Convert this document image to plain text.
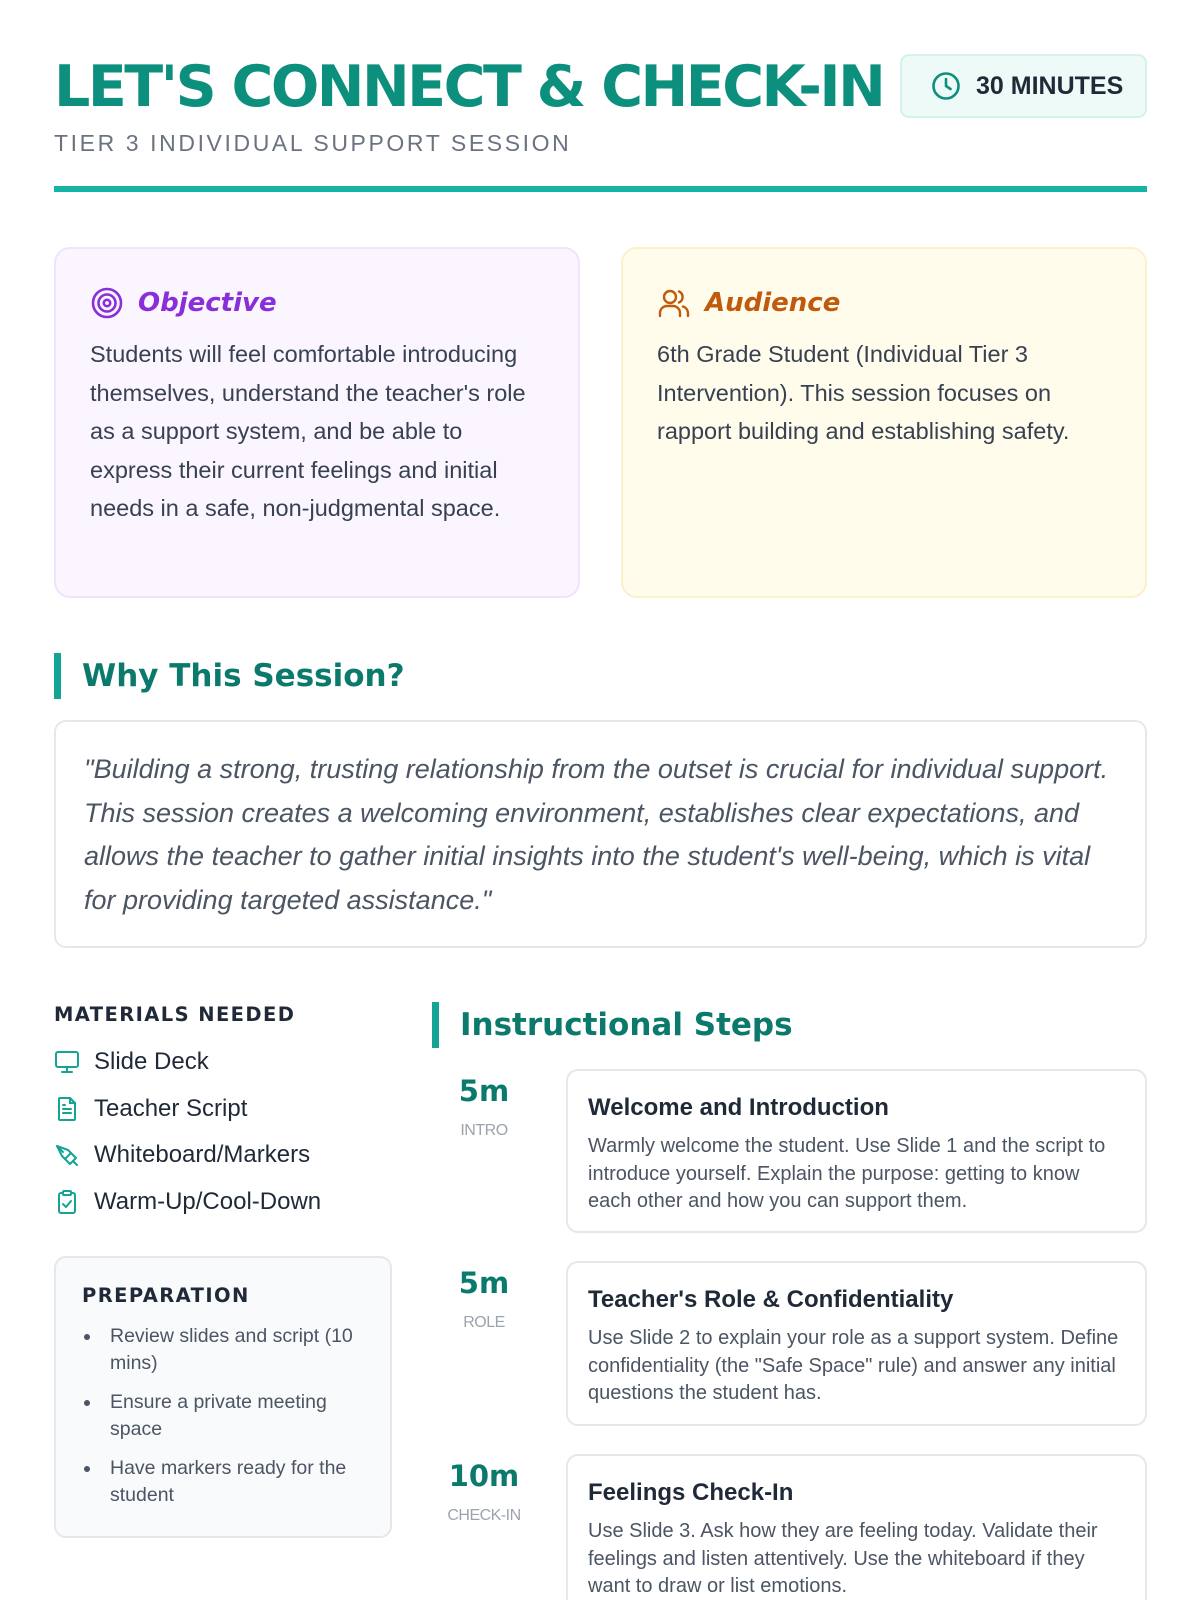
LET'S CONNECT & CHECK-IN
TIER 3 INDIVIDUAL SUPPORT SESSION
30 MINUTES
Objective

Students will feel comfortable introducing themselves, understand the teacher's role as a support system, and be able to express their current feelings and initial needs in a safe, non-judgmental space.

Audience

6th Grade Student (Individual Tier 3 Intervention). This session focuses on rapport building and establishing safety.

Why This Session?

"Building a strong, trusting relationship from the outset is crucial for individual support. This session creates a welcoming environment, establishes clear expectations, and allows the teacher to gather initial insights into the student's well-being, which is vital for providing targeted assistance."

MATERIALS NEEDED
Slide Deck
Teacher Script
Whiteboard/Markers
Warm-Up/Cool-Down
PREPARATION
Review slides and script (10 mins)
Ensure a private meeting space
Have markers ready for the student
Instructional Steps
5m
INTRO
Welcome and Introduction
Warmly welcome the student. Use Slide 1 and the script to introduce yourself. Explain the purpose: getting to know each other and how you can support them.
5m
ROLE
Teacher's Role & Confidentiality
Use Slide 2 to explain your role as a support system. Define confidentiality (the "Safe Space" rule) and answer any initial questions the student has.
10m
CHECK-IN
Feelings Check-In
Use Slide 3. Ask how they are feeling today. Validate their feelings and listen attentively. Use the whiteboard if they want to draw or list emotions.
